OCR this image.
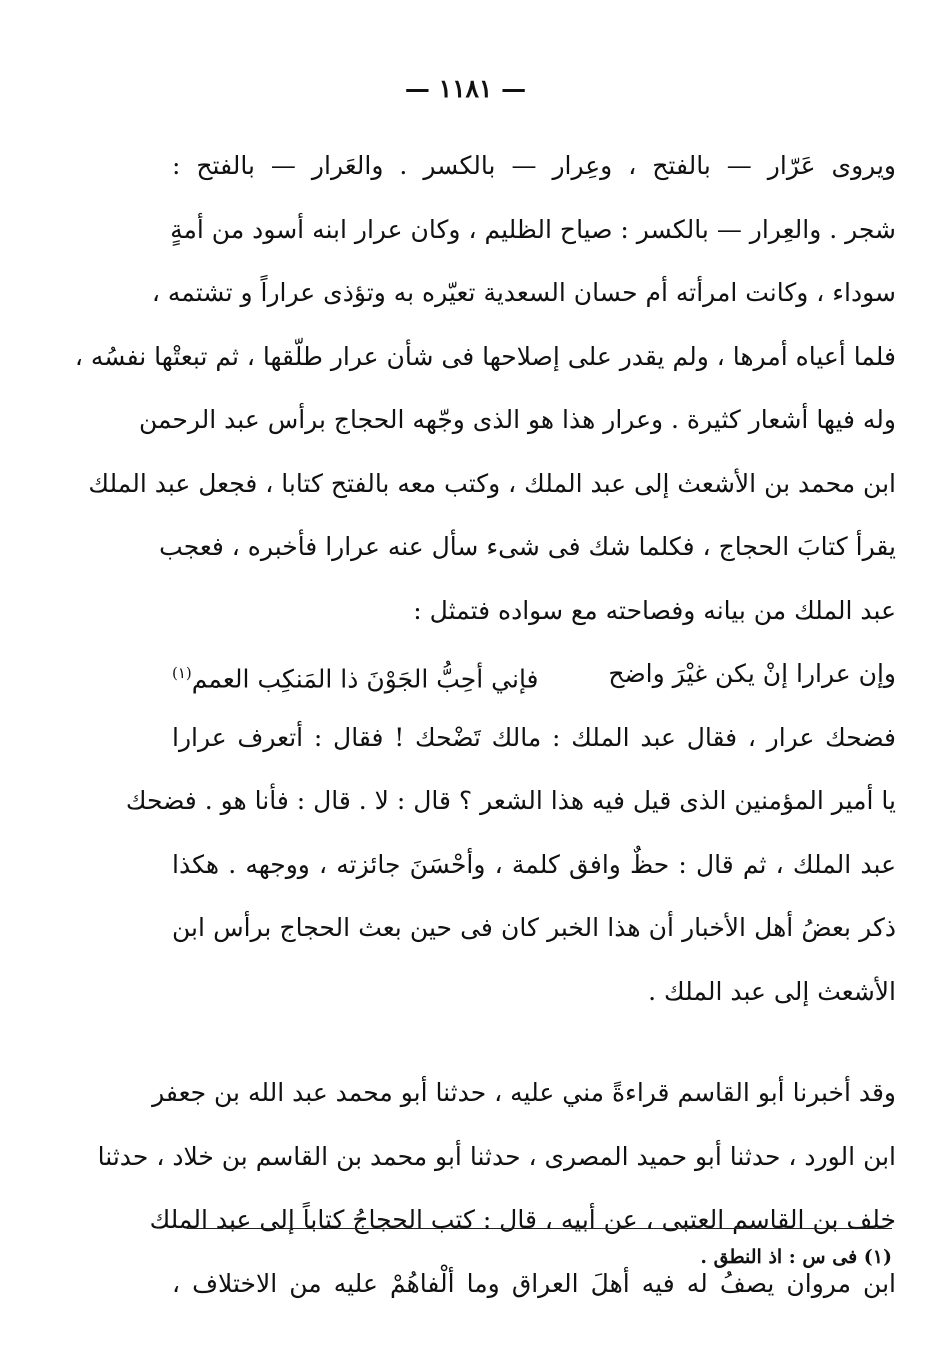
— ١١٨١ —
ويروى عَرّار — بالفتح ، وعِرار — بالكسر . والعَرار — بالفتح :
شجر . والعِرار — بالكسر : صياح الظليم ، وكان عرار ابنه أسود من أمةٍ
سوداء ، وكانت امرأته أم حسان السعدية تعيّره به وتؤذى عراراً و تشتمه ،
فلما أعياه أمرها ، ولم يقدر على إصلاحها فى شأن عرار طلّقها ، ثم تبعتْها نفسُه ،
وله فيها أشعار كثيرة . وعرار هذا هو الذى وجّهه الحجاج برأس عبد الرحمن
ابن محمد بن الأشعث إلى عبد الملك ، وكتب معه بالفتح كتابا ، فجعل عبد الملك
يقرأ كتابَ الحجاج ، فكلما شك فى شىء سأل عنه عرارا فأخبره ، فعجب
عبد الملك من بيانه وفصاحته مع سواده فتمثل :
وإن عرارا إنْ يكن غيْرَ واضح
فإني أحِبُّ الجَوْنَ ذا المَنكِب العمم$^{(١)}$
فضحك عرار ، فقال عبد الملك : مالك تَضْحك ! فقال : أتعرف عرارا
يا أمير المؤمنين الذى قيل فيه هذا الشعر ؟ قال : لا . قال : فأنا هو . فضحك
عبد الملك ، ثم قال : حظٌ وافق كلمة ، وأحْسَنَ جائزته ، ووجهه . هكذا
ذكر بعضُ أهل الأخبار أن هذا الخبر كان فى حين بعث الحجاج برأس ابن
الأشعث إلى عبد الملك .
وقد أخبرنا أبو القاسم قراءةً مني عليه ، حدثنا أبو محمد عبد الله بن جعفر
ابن الورد ، حدثنا أبو حميد المصرى ، حدثنا أبو محمد بن القاسم بن خلاد ، حدثنا
خلف بن القاسم العتبى ، عن أبيه ، قال : كتب الحجاجُ كتاباً إلى عبد الملك
ابن مروان يصفُ له فيه أهلَ العراق وما ألْفاهُمْ عليه من الاختلاف ،
(١) فى س : اذ النطق .
